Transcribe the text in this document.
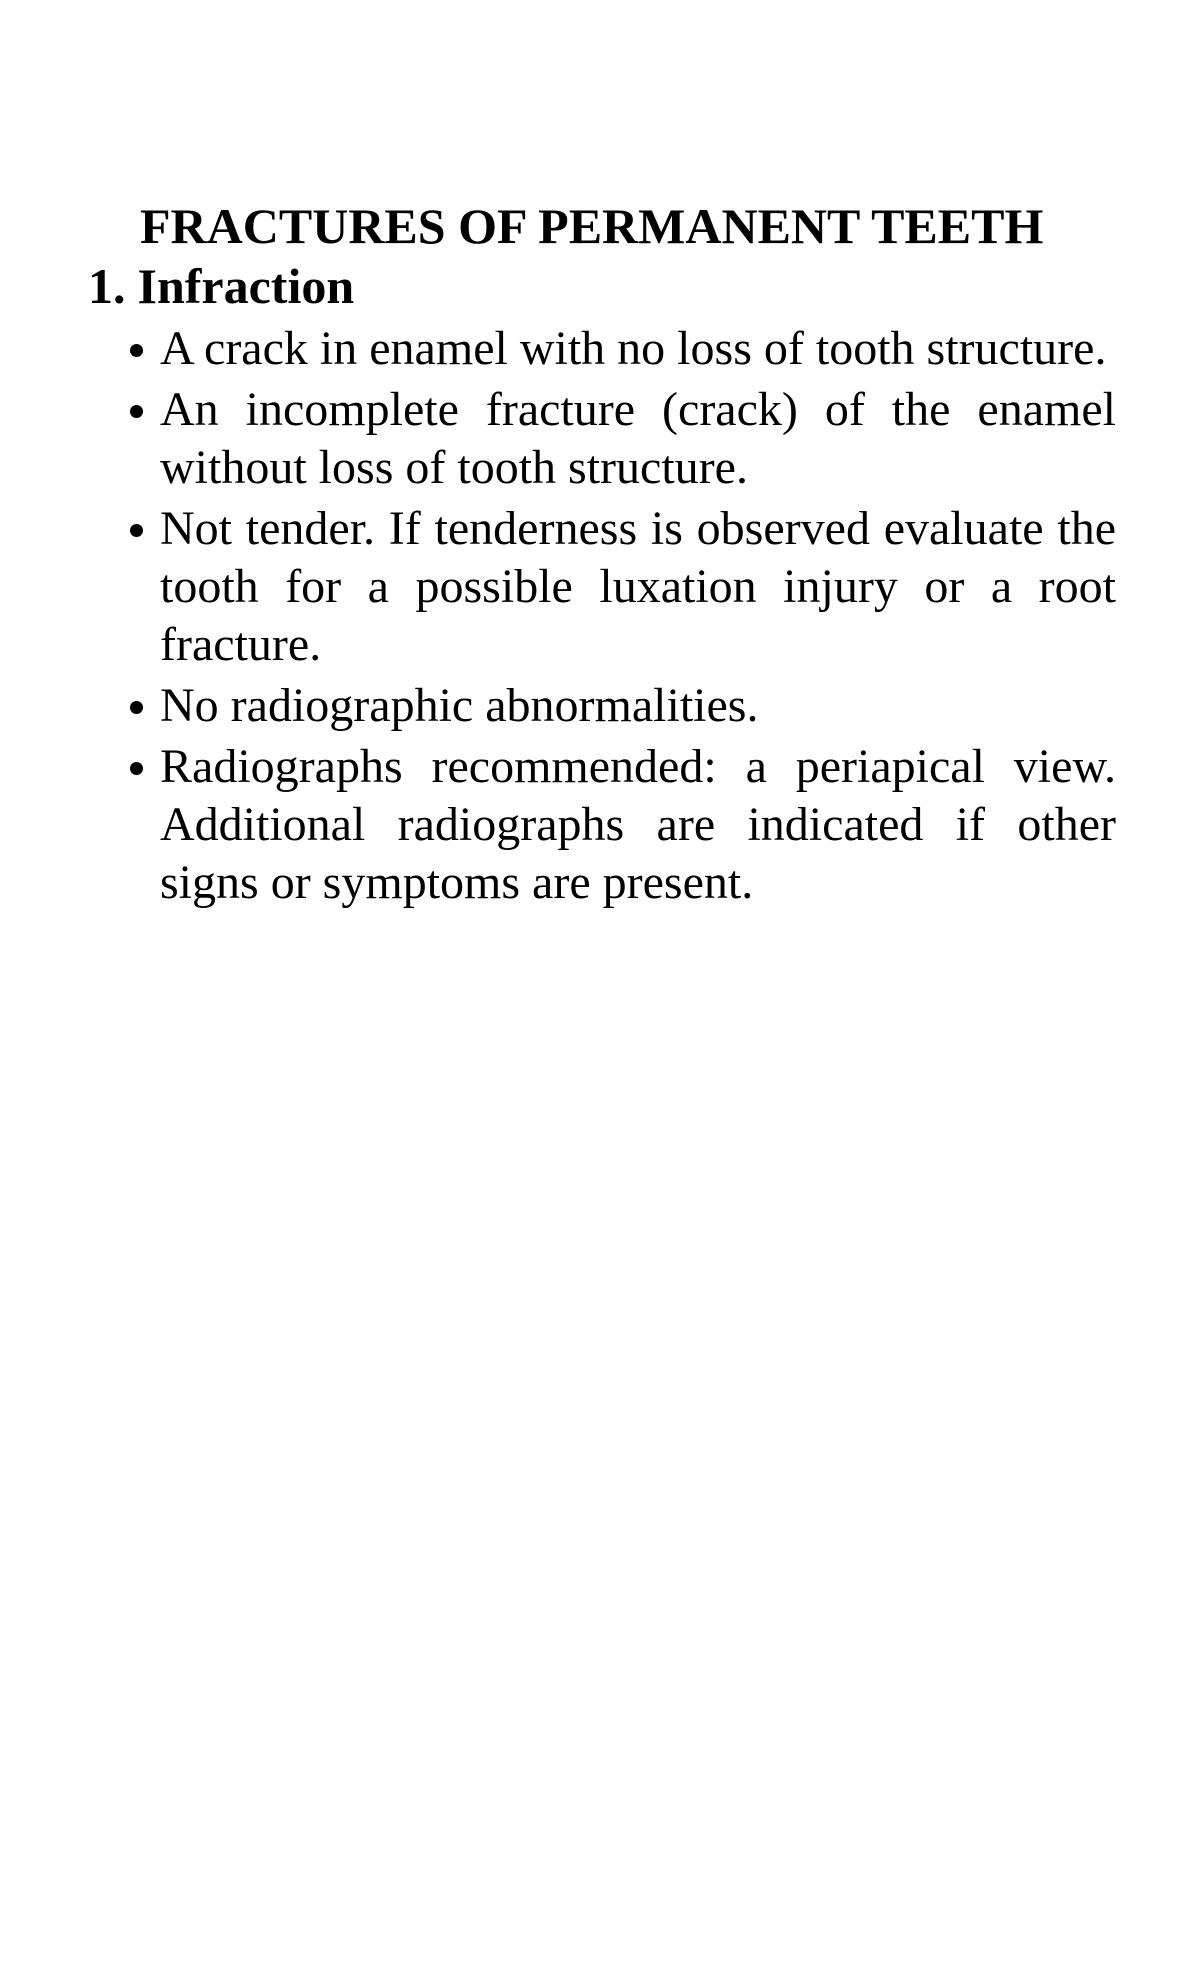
FRACTURES OF PERMANENT TEETH
1. Infraction
A crack in enamel with no loss of tooth structure.
An incomplete fracture (crack) of the enamel without loss of tooth structure.
Not tender. If tenderness is observed evaluate the tooth for a possible luxation injury or a root fracture.
No radiographic abnormalities.
Radiographs recommended: a periapical view. Additional radiographs are indicated if other signs or symptoms are present.
